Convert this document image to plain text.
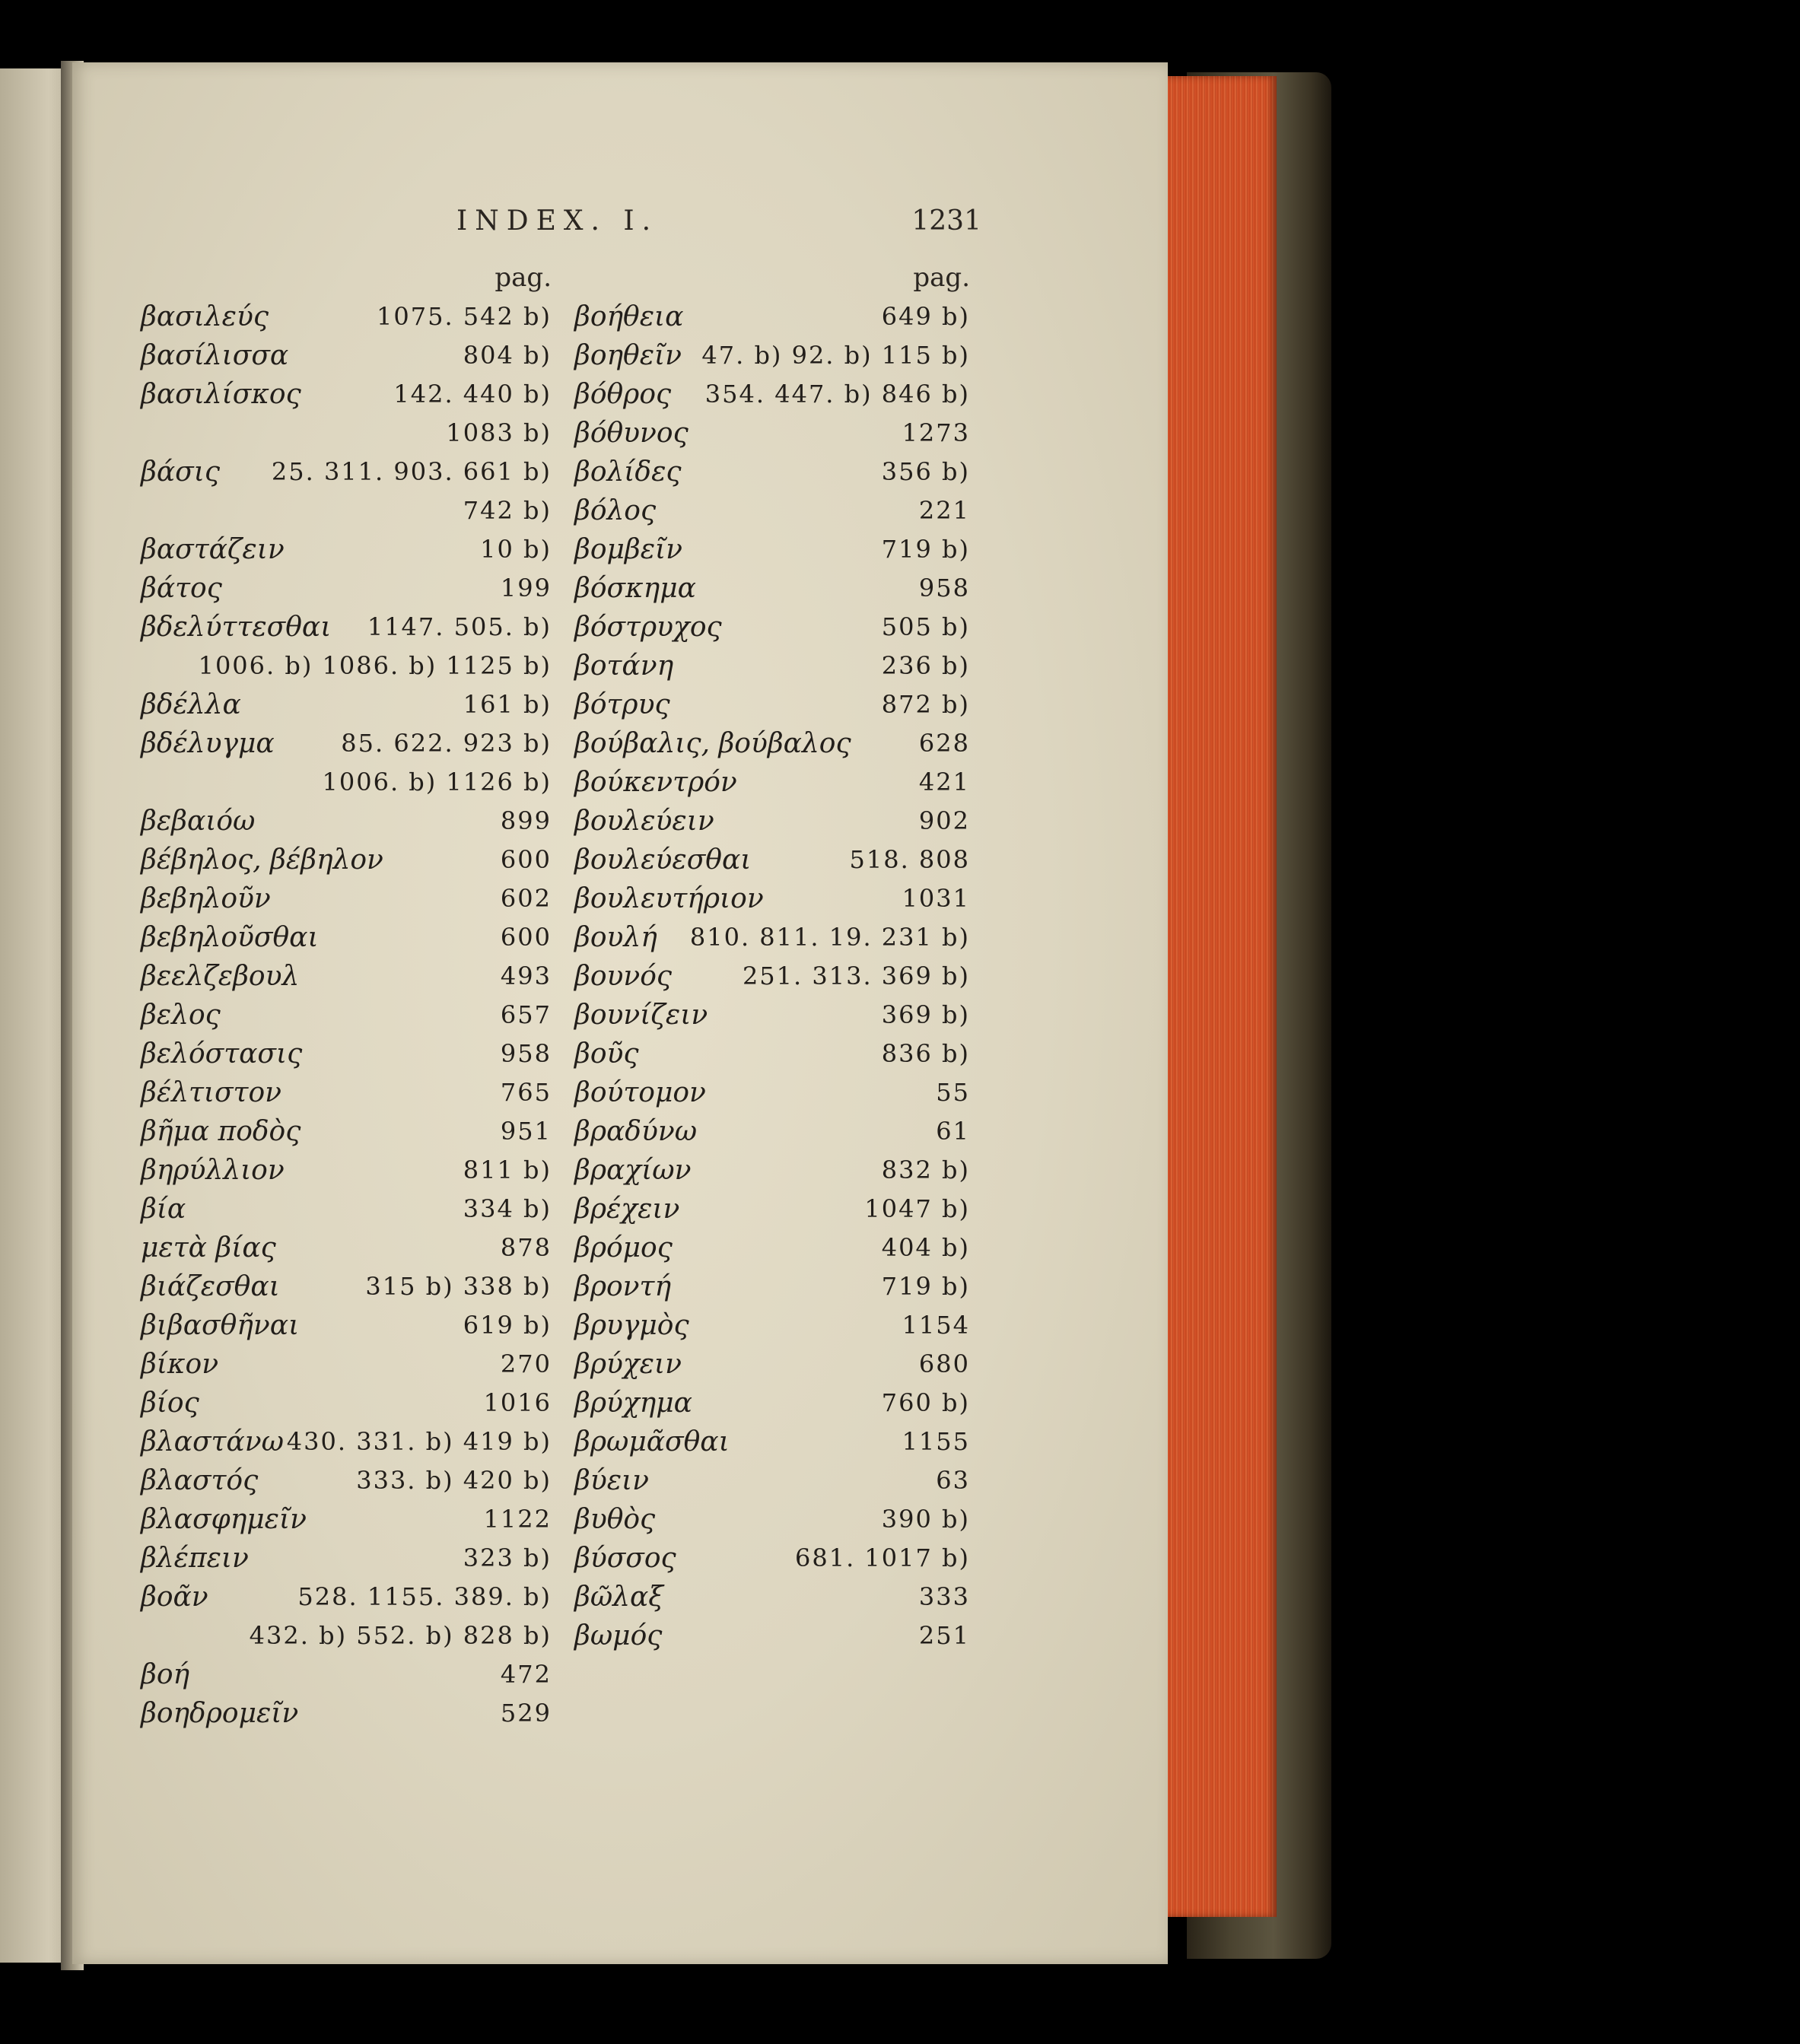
INDEX. I.	1231
pag.
βασιλεύς	1075. 542 b)
βασίλισσα	804 b)
βασιλίσκος	142. 440 b)
1083 b)
βάσις 25. 311. 903. 661 b)
742 b)
βαστάζειν	10 b)
βάτος	199
βδελύττεσθαι 1147. 505. b)
1006. b) 1086. b) 1125 b)
βδέλλα	161 b)
βδέλυγμα	85. 622. 923 b)
1006. b) 1126 b)
βεβαιόω	899
βέβηλος, βέβηλον	600
βεβηλοῦν	602
βεβηλοῦσθαι	600
βεελζεβουλ	493
βελος	657
βελόστασις	958
βέλτιστον	765
βῆμα ποδὸς	951
βηρύλλιον	811 b)
βία	334 b)
μετὰ βίας	878
βιάζεσθαι	315 b) 338 b)
βιβασθῆναι	619 b)
βίκον	270
βίος	1016
βλαστάνω 430. 331. b) 419 b)
βλαστός	333. b) 420 b)
βλασφημεῖν	1122
βλέπειν	323 b)
βοᾶν	528. 1155. 389. b)
432. b) 552. b) 828 b)
βοή	472
βοηδρομεῖν	529
pag.
βοήθεια	649 b)
βοηθεῖν 47. b) 92. b) 115 b)
βόθρος 354. 447. b) 846 b)
βόθυνος	1273
βολίδες	356 b)
βόλος	221
βομβεῖν	719 b)
βόσκημα	958
βόστρυχος	505 b)
βοτάνη	236 b)
βότρυς	872 b)
βούβαλις, βούβαλος	628
βούκεντρόν	421
βουλεύειν	902
βουλεύεσθαι	518. 808
βουλευτήριον	1031
βουλή 810. 811. 19. 231 b)
βουνός	251. 313. 369 b)
βουνίζειν	369 b)
βοῦς	836 b)
βούτομον	55
βραδύνω	61
βραχίων	832 b)
βρέχειν	1047 b)
βρόμος	404 b)
βροντή	719 b)
βρυγμὸς	1154
βρύχειν	680
βρύχημα	760 b)
βρωμᾶσθαι	1155
βύειν	63
βυθὸς	390 b)
βύσσος	681. 1017 b)
βῶλαξ	333
βωμός	251
